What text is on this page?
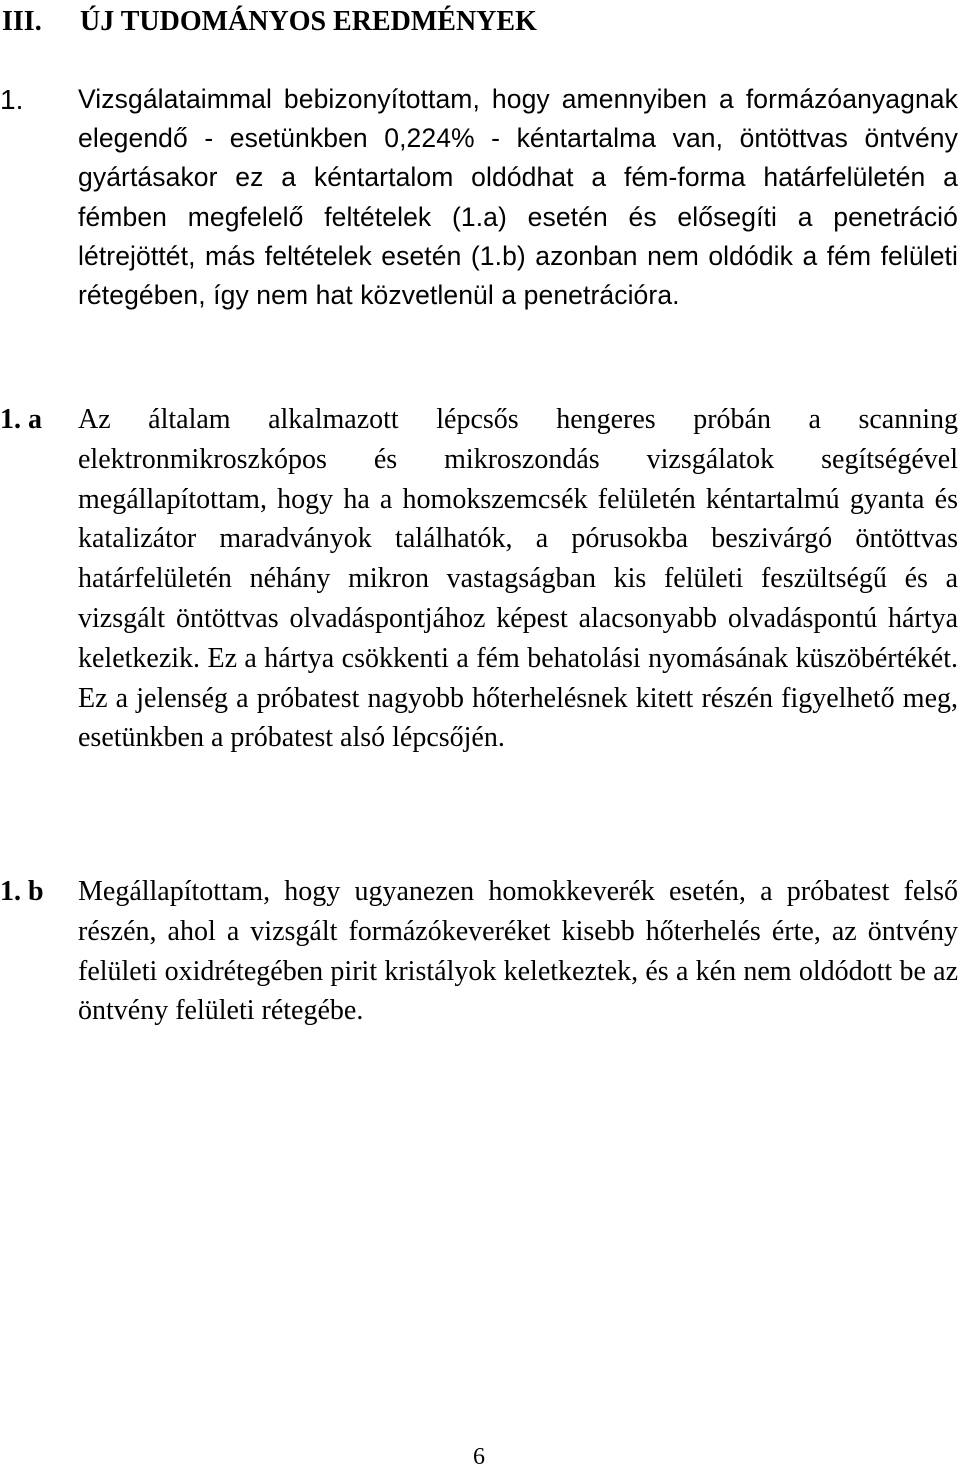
III.	ÚJ TUDOMÁNYOS EREDMÉNYEK
1.	Vizsgálataimmal bebizonyítottam, hogy amennyiben a formázóanyagnak elegendő - esetünkben 0,224% - kéntartalma van, öntöttvas öntvény gyártásakor ez a kéntartalom oldódhat a fém-forma határfelületén a fémben megfelelő feltételek (1.a) esetén és elősegíti a penetráció létrejöttét, más feltételek esetén (1.b) azonban nem oldódik a fém felületi rétegében, így nem hat közvetlenül a penetrációra.

1. a	Az általam alkalmazott lépcsős hengeres próbán a scanning elektronmikroszkópos és mikroszondás vizsgálatok segítségével megállapítottam, hogy ha a homokszemcsék felületén kéntartalmú gyanta és katalizátor maradványok találhatók, a pórusokba beszivárgó öntöttvas határfelületén néhány mikron vastagságban kis felületi feszültségű és a vizsgált öntöttvas olvadáspontjához képest alacsonyabb olvadáspontú hártya keletkezik. Ez a hártya csökkenti a fém behatolási nyomásának küszöbértékét. Ez a jelenség a próbatest nagyobb hőterhelésnek kitett részén figyelhető meg, esetünkben a próbatest alsó lépcsőjén.

1. b	Megállapítottam, hogy ugyanezen homokkeverék esetén, a próbatest felső részén, ahol a vizsgált formázókeveréket kisebb hőterhelés érte, az öntvény felületi oxidrétegében pirit kristályok keletkeztek, és a kén nem oldódott be az öntvény felületi rétegébe.

6
